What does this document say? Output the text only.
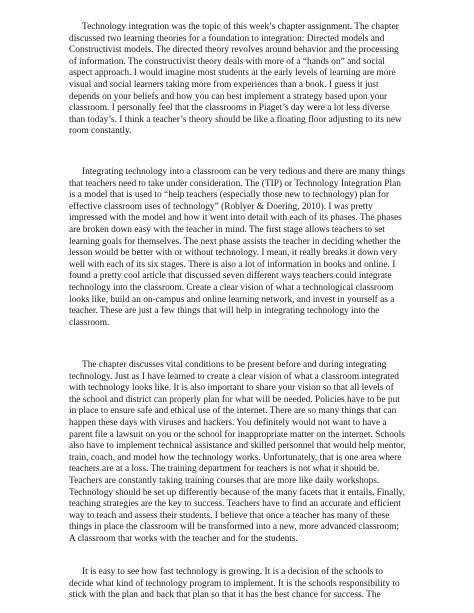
Technology integration was the topic of this week’s chapter assignment. The chapter
discussed two learning theories for a foundation to integration: Directed models and
Constructivist models. The directed theory revolves around behavior and the processing
of information. The constructivist theory deals with more of a “hands on” and social
aspect approach. I would imagine most students at the early levels of learning are more
visual and social learners taking more from experiences than a book. I guess it just
depends on your beliefs and how you can best implement a strategy based upon your
classroom. I personally feel that the classrooms in Piaget’s day were a lot less diverse
than today’s. I think a teacher’s theory should be like a floating floor adjusting to its new
room constantly.

Integrating technology into a classroom can be very tedious and there are many things
that teachers need to take under consideration. The (TIP) or Technology Integration Plan
is a model that is used to “help teachers (especially those new to technology) plan for
effective classroom uses of technology” (Roblyer & Doering, 2010). I was pretty
impressed with the model and how it went into detail with each of its phases. The phases
are broken down easy with the teacher in mind. The first stage allows teachers to set
learning goals for themselves. The next phase assists the teacher in deciding whether the
lesson would be better with or without technology. I mean, it really breaks it down very
well with each of its six stages. There is also a lot of information in books and online. I
found a pretty cool article that discussed seven different ways teachers could integrate
technology into the classroom. Create a clear vision of what a technological classroom
looks like, build an on-campus and online learning network, and invest in yourself as a
teacher. These are just a few things that will help in integrating technology into the
classroom.

The chapter discusses vital conditions to be present before and during integrating
technology. Just as I have learned to create a clear vision of what a classroom integrated
with technology looks like. It is also important to share your vision so that all levels of
the school and district can properly plan for what will be needed. Policies have to be put
in place to ensure safe and ethical use of the internet. There are so many things that can
happen these days with viruses and hackers. You definitely would not want to have a
parent file a lawsuit on you or the school for inappropriate matter on the internet. Schools
also have to implement technical assistance and skilled personnel that would help mentor,
train, coach, and model how the technology works. Unfortunately, that is one area where
teachers are at a loss. The training department for teachers is not what it should be.
Teachers are constantly taking training courses that are more like daily workshops.
Technology should be set up differently because of the many facets that it entails. Finally,
teaching strategies are the key to success. Teachers have to find an accurate and efficient
way to teach and assess their students. I believe that once a teacher has many of these
things in place the classroom will be transformed into a new, more advanced classroom;
A classroom that works with the teacher and for the students.

It is easy to see how fast technology is growing. It is a decision of the schools to
decide what kind of technology program to implement. It is the schools responsibility to
stick with the plan and back that plan so that it has the best chance for success. The
